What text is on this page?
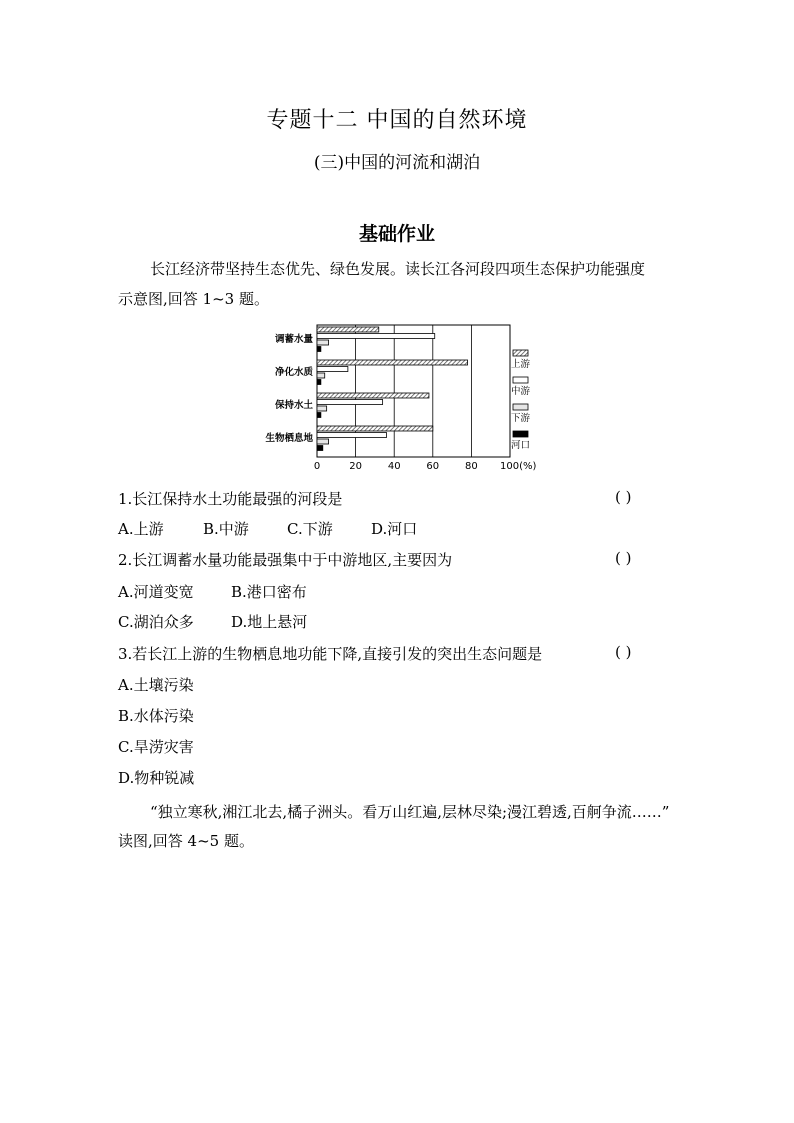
专题十二 中国的自然环境
(三)中国的河流和湖泊
基础作业
长江经济带坚持生态优先、绿色发展。读长江各河段四项生态保护功能强度
示意图,回答 1~3 题。
调蓄水量
净化水质
保持水土
生物栖息地
0	20	40	60	80 100(%)
上游
中游
下游
河口
1.长江保持水土功能最强的河段是	( )
A.上游	B.中游	C.下游	D.河口
2.长江调蓄水量功能最强集中于中游地区,主要因为	( )
A.河道变宽 B.港口密布
C.湖泊众多 D.地上悬河
3.若长江上游的生物栖息地功能下降,直接引发的突出生态问题是	( )
A.土壤污染
B.水体污染
C.旱涝灾害
D.物种锐减
“独立寒秋,湘江北去,橘子洲头。看万山红遍,层林尽染;漫江碧透,百舸争流……”
读图,回答 4~5 题。
